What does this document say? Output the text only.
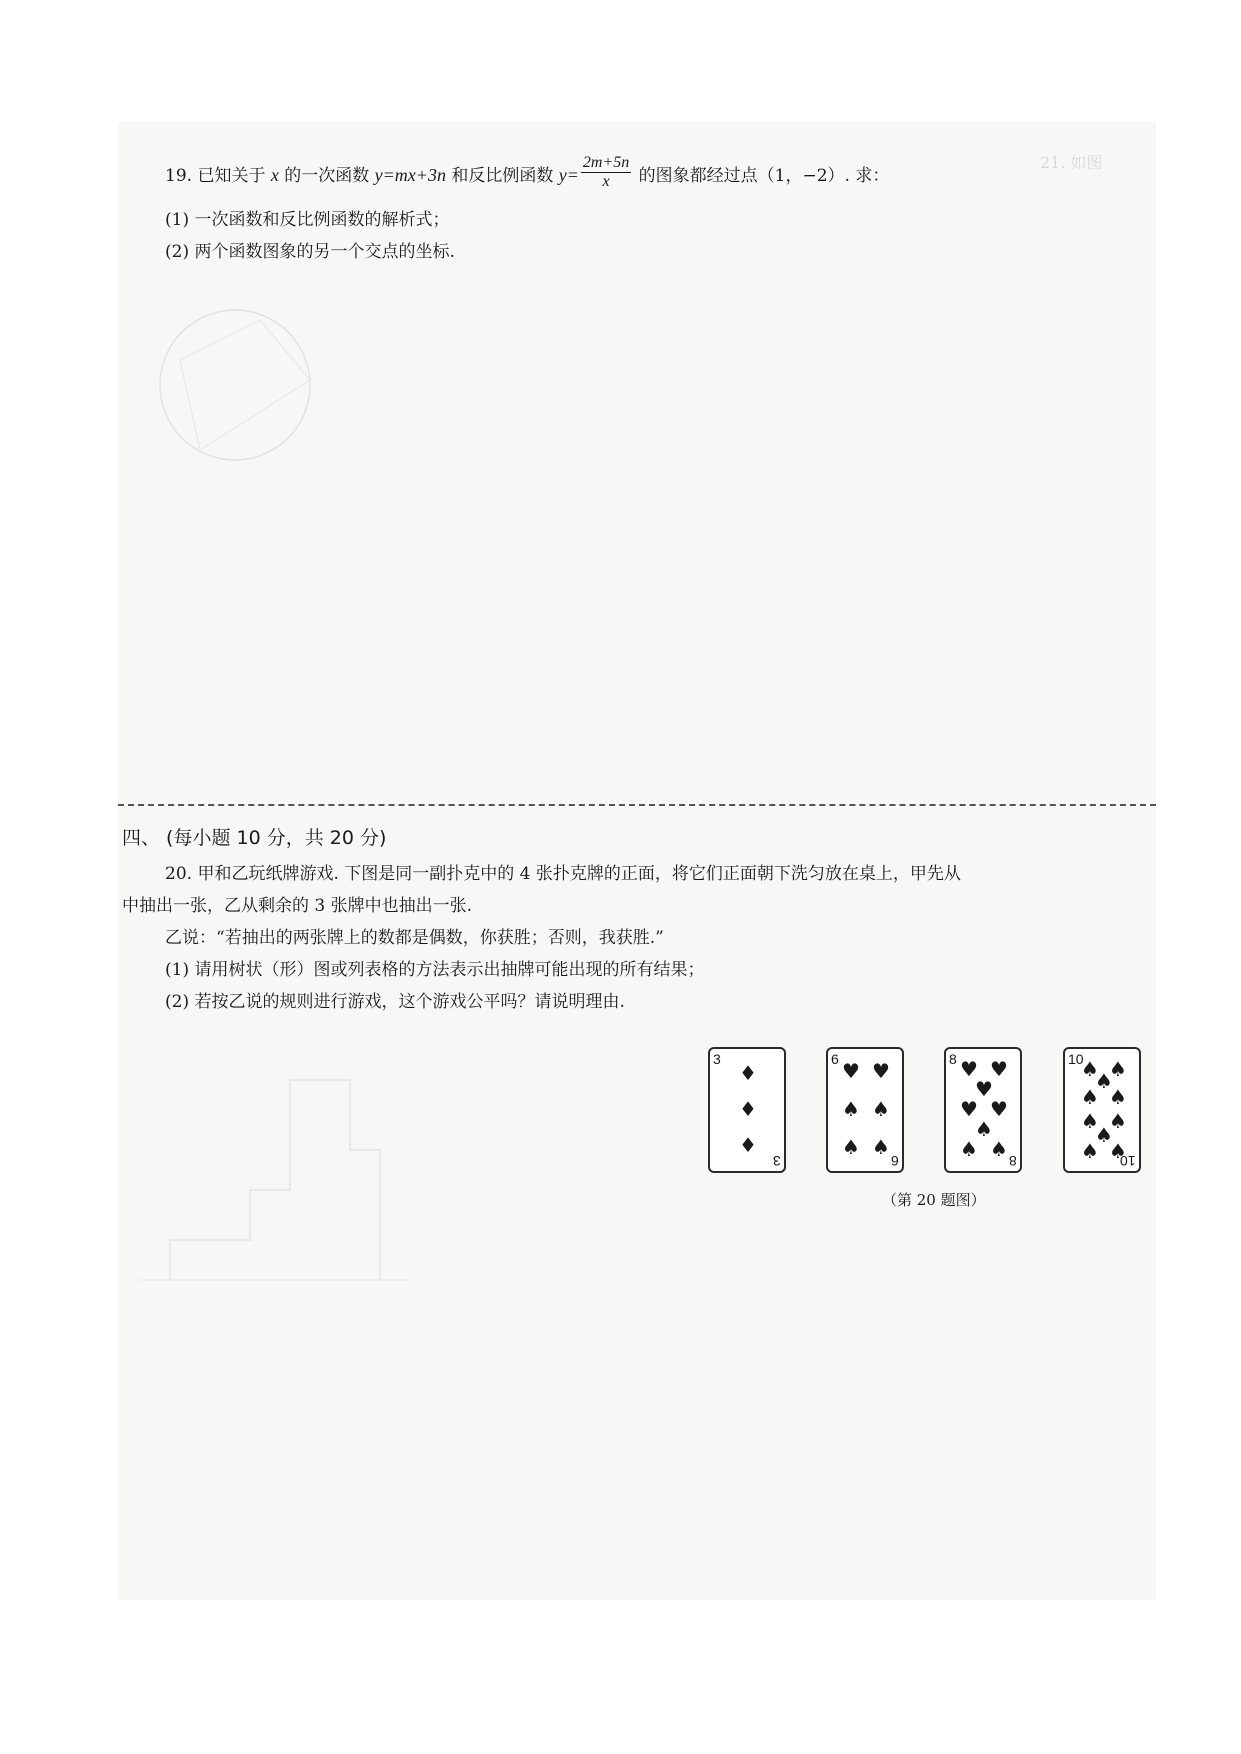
21. 如图
19. 已知关于 x 的一次函数 y=mx+3n 和反比例函数 $y= \frac{2m+5n}{x}$ 的图象都经过点（1，−2）. 求：
(1) 一次函数和反比例函数的解析式；
(2) 两个函数图象的另一个交点的坐标.
四、 (每小题 10 分，共 20 分)
20. 甲和乙玩纸牌游戏. 下图是同一副扑克中的 4 张扑克牌的正面，将它们正面朝下洗匀放在桌上，甲先从
中抽出一张，乙从剩余的 3 张牌中也抽出一张.
乙说：“若抽出的两张牌上的数都是偶数，你获胜；否则，我获胜.”
(1) 请用树状（形）图或列表格的方法表示出抽牌可能出现的所有结果；
(2) 若按乙说的规则进行游戏，这个游戏公平吗？请说明理由.
3
♦
♦
♦
3
6 ♥ ♥
♠ ♠
♠ ♠
6
8 ♥ ♥
♥
♥ ♥
♠
♠ ♠ 8
10
♠ ♠
♠
♠ ♠
♠ ♠
♠
♠ ♠
10
（第 20 题图）
